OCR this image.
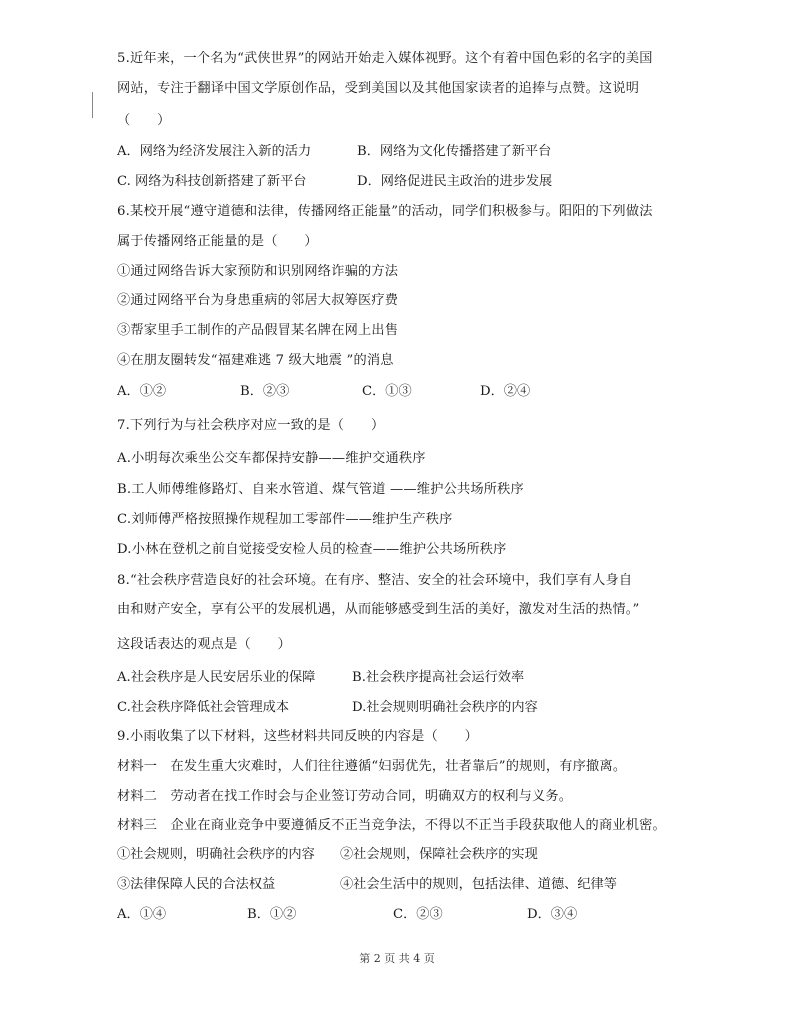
5.近年来，一个名为“武侠世界”的网站开始走入媒体视野。这个有着中国色彩的名字的美国
网站，专注于翻译中国文学原创作品，受到美国以及其他国家读者的追捧与点赞。这说明
（　　）
A．网络为经济发展注入新的活力	B．网络为文化传播搭建了新平台
C. 网络为科技创新搭建了新平台	D．网络促进民主政治的进步发展
6.某校开展“遵守道德和法律，传播网络正能量”的活动，同学们积极参与。阳阳的下列做法
属于传播网络正能量的是（　　）
①通过网络告诉大家预防和识别网络诈骗的方法
②通过网络平台为身患重病的邻居大叔筹医疗费
③帮家里手工制作的产品假冒某名牌在网上出售
④在朋友圈转发“福建难逃 7 级大地震 ”的消息
A．①②	B．②③	C．①③	D．②④
7.下列行为与社会秩序对应一致的是（　　）
A.小明每次乘坐公交车都保持安静——维护交通秩序
B.工人师傅维修路灯、自来水管道、煤气管道 ——维护公共场所秩序
C.刘师傅严格按照操作规程加工零部件——维护生产秩序
D.小林在登机之前自觉接受安检人员的检查——维护公共场所秩序
8.“社会秩序营造良好的社会环境。在有序、整洁、安全的社会环境中，我们享有人身自
由和财产安全，享有公平的发展机遇，从而能够感受到生活的美好，激发对生活的热情。”
这段话表达的观点是（　　）
A.社会秩序是人民安居乐业的保障	B.社会秩序提高社会运行效率
C.社会秩序降低社会管理成本	D.社会规则明确社会秩序的内容
9.小雨收集了以下材料，这些材料共同反映的内容是（　　）
材料一　在发生重大灾难时，人们往往遵循“妇弱优先，壮者靠后”的规则，有序撤离。
材料二　劳动者在找工作时会与企业签订劳动合同，明确双方的权利与义务。
材料三　企业在商业竞争中要遵循反不正当竞争法，不得以不正当手段获取他人的商业机密。
①社会规则，明确社会秩序的内容 ②社会规则，保障社会秩序的实现
③法律保障人民的合法权益	④社会生活中的规则，包括法律、道德、纪律等
A．①④	B．①②	C．②③	D．③④
第 2 页 共 4 页
